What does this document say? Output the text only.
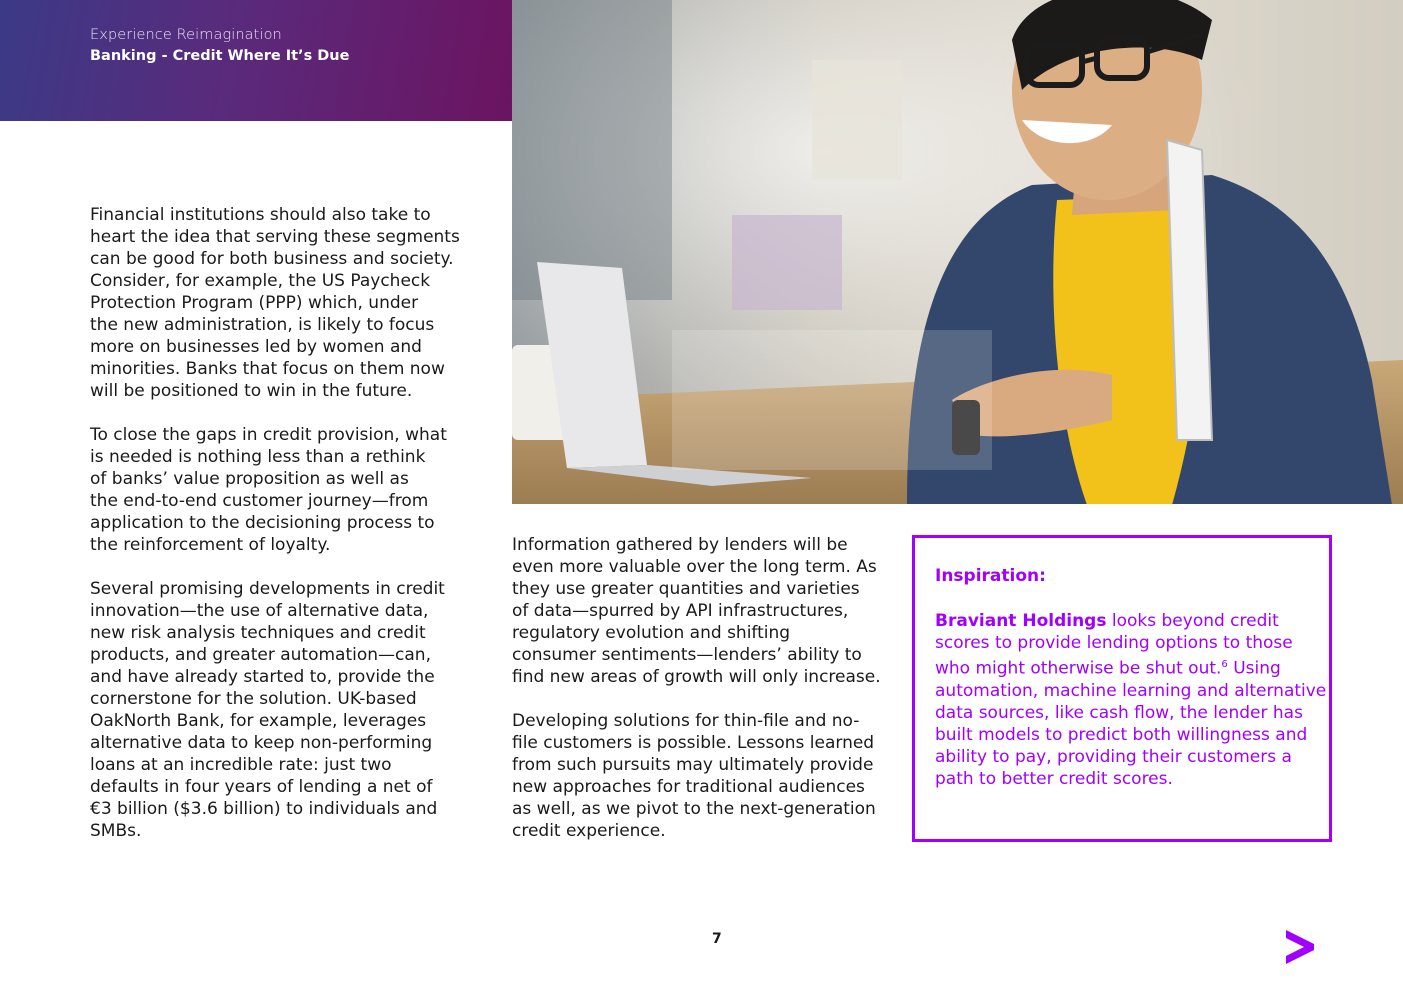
Experience Reimagination
Banking - Credit Where It’s Due

Financial institutions should also take to
heart the idea that serving these segments
can be good for both business and society.
Consider, for example, the US Paycheck
Protection Program (PPP) which, under
the new administration, is likely to focus
more on businesses led by women and
minorities. Banks that focus on them now
will be positioned to win in the future.

To close the gaps in credit provision, what
is needed is nothing less than a rethink
of banks’ value proposition as well as
the end-to-end customer journey—from
application to the decisioning process to
the reinforcement of loyalty.

Several promising developments in credit
innovation—the use of alternative data,
new risk analysis techniques and credit
products, and greater automation—can,
and have already started to, provide the
cornerstone for the solution. UK-based
OakNorth Bank, for example, leverages
alternative data to keep non-performing
loans at an incredible rate: just two
defaults in four years of lending a net of
€3 billion ($3.6 billion) to individuals and
SMBs.

Information gathered by lenders will be
even more valuable over the long term. As
they use greater quantities and varieties
of data—spurred by API infrastructures,
regulatory evolution and shifting
consumer sentiments—lenders’ ability to
find new areas of growth will only increase.

Developing solutions for thin-file and no-
file customers is possible. Lessons learned
from such pursuits may ultimately provide
new approaches for traditional audiences
as well, as we pivot to the next-generation
credit experience.

Inspiration:

Braviant Holdings looks beyond credit
scores to provide lending options to those
who might otherwise be shut out.$^6$ Using
automation, machine learning and alternative
data sources, like cash flow, the lender has
built models to predict both willingness and
ability to pay, providing their customers a
path to better credit scores.

7
